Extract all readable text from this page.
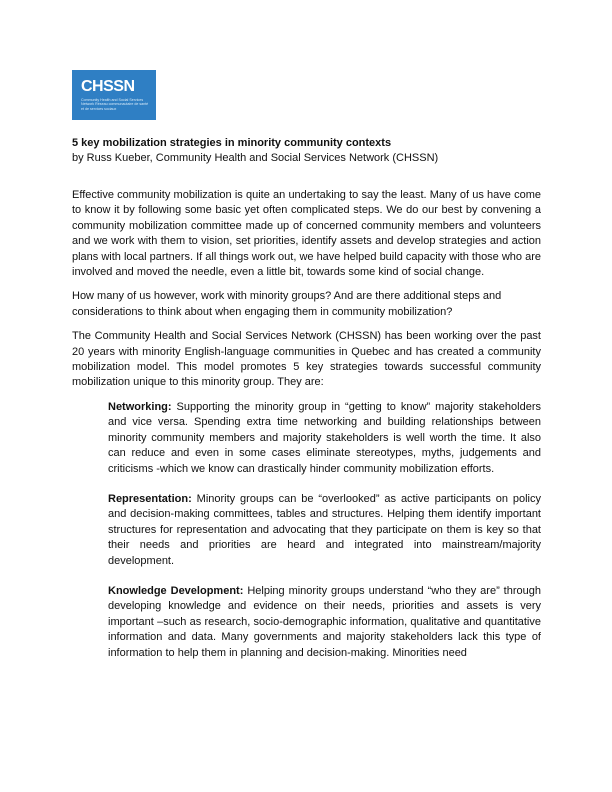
CHSSN
Community Health and Social Services Network Réseau communautaire de santé et de services sociaux

5 key mobilization strategies in minority community contexts

by Russ Kueber, Community Health and Social Services Network (CHSSN)

Effective community mobilization is quite an undertaking to say the least. Many of us have come to know it by following some basic yet often complicated steps. We do our best by convening a community mobilization committee made up of concerned community members and volunteers and we work with them to vision, set priorities, identify assets and develop strategies and action plans with local partners. If all things work out, we have helped build capacity with those who are involved and moved the needle, even a little bit, towards some kind of social change.

How many of us however, work with minority groups? And are there additional steps and considerations to think about when engaging them in community mobilization?

The Community Health and Social Services Network (CHSSN) has been working over the past 20 years with minority English-language communities in Quebec and has created a community mobilization model. This model promotes 5 key strategies towards successful community mobilization unique to this minority group. They are:

Networking: Supporting the minority group in “getting to know” majority stakeholders and vice versa. Spending extra time networking and building relationships between minority community members and majority stakeholders is well worth the time. It also can reduce and even in some cases eliminate stereotypes, myths, judgements and criticisms -which we know can drastically hinder community mobilization efforts.

Representation: Minority groups can be “overlooked” as active participants on policy and decision-making committees, tables and structures. Helping them identify important structures for representation and advocating that they participate on them is key so that their needs and priorities are heard and integrated into mainstream/majority development.

Knowledge Development: Helping minority groups understand “who they are” through developing knowledge and evidence on their needs, priorities and assets is very important –such as research, socio-demographic information, qualitative and quantitative information and data. Many governments and majority stakeholders lack this type of information to help them in planning and decision-making. Minorities need
